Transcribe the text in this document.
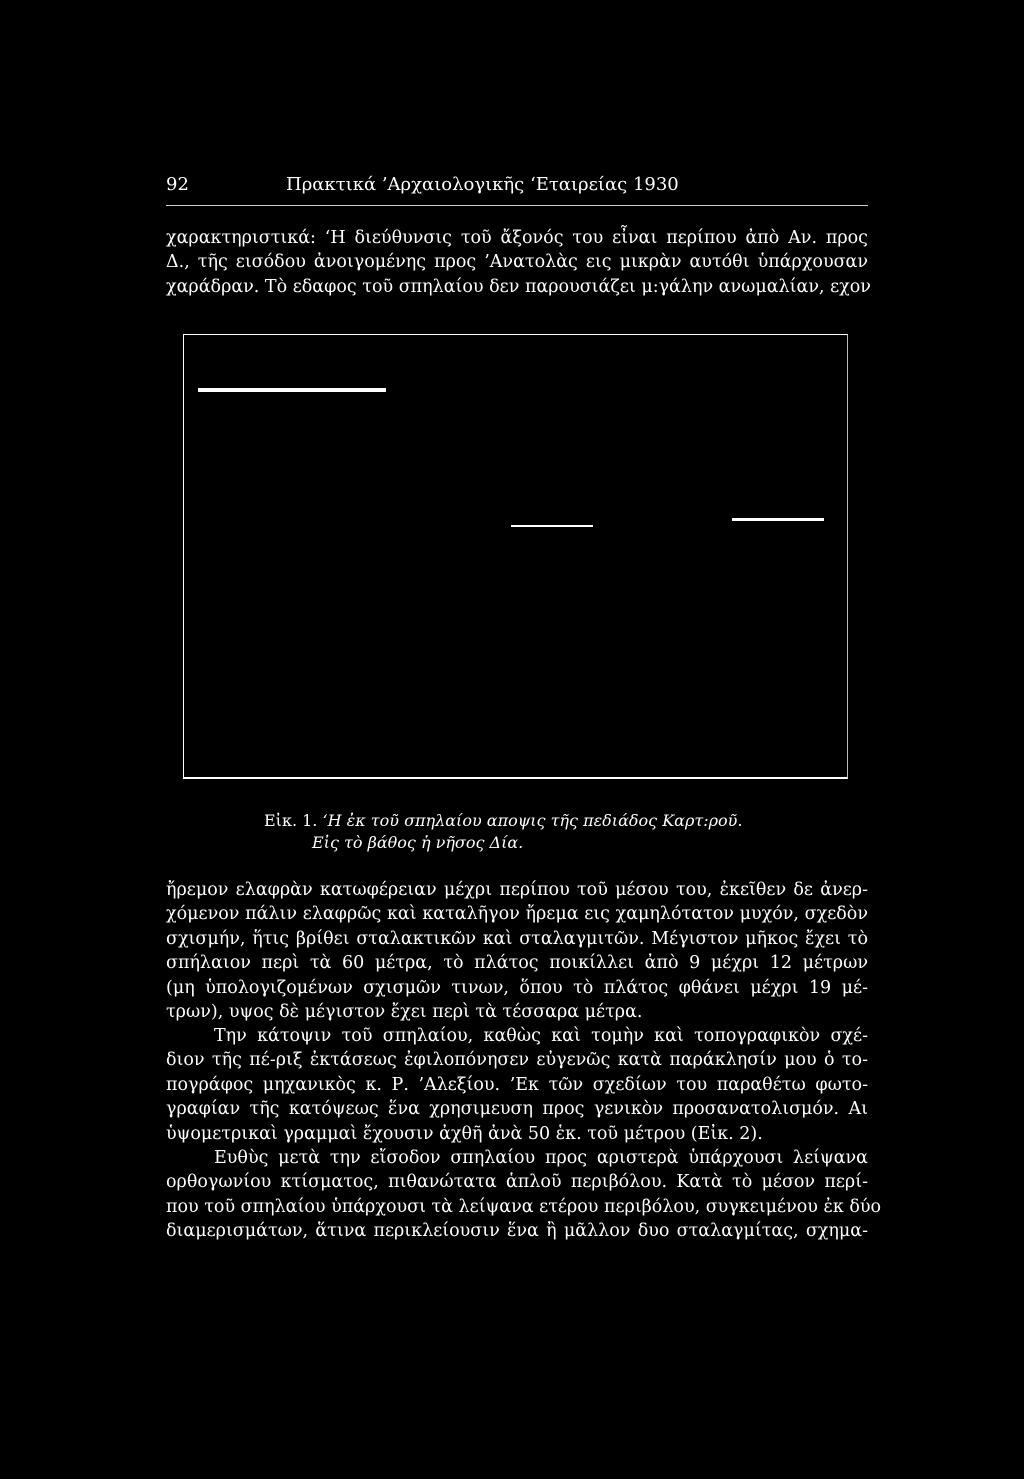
92	Πρακτικά ’Αρχαιολογικῆς ‘Εταιρείας 1930
χαρακτηριστικά: ‘Η διεύθυνσις τοῦ ἄξονός του εἶναι περίπου ἀπὸ Αν. προς
Δ., τῆς εισόδου ἀνοιγομένης προς ’Ανατολὰς εις μικρὰν αυτόθι ὑπάρχουσαν
χαράδραν. Τὸ εδαφος τοῦ σπηλαίου δεν παρουσιάζει μ:γάλην ανωμαλίαν, εχον
Εἰκ. 1. ‘Η ἐκ τοῦ σπηλαίου αποψις τῆς πεδιάδος Καρτ:ροῦ.
Εἰς τὸ βάθος ἡ νῆσος Δία.
ἤρεμον ελαφρὰν κατωφέρειαν μέχρι περίπου τοῦ μέσου του, ἐκεῖθεν δε ἀνερ-
χόμενον πάλιν ελαφρῶς καὶ καταλῆγον ἤρεμα εις χαμηλότατον μυχόν, σχεδὸν
σχισμήν, ἥτις βρίθει σταλακτικῶν καὶ σταλαγμιτῶν. Μέγιστον μῆκος ἔχει τὸ
σπήλαιον περὶ τὰ 60 μέτρα, τὸ πλάτος ποικίλλει ἀπὸ 9 μέχρι 12 μέτρων
(μη ὑπολογιζομένων σχισμῶν τινων, ὅπου τὸ πλάτος φθάνει μέχρι 19 μέ-
τρων), υψος δὲ μέγιστον ἔχει περὶ τὰ τέσσαρα μέτρα.
Την κάτοψιν τοῦ σπηλαίου, καθὼς καὶ τομὴν καὶ τοπογραφικὸν σχέ-
διον τῆς πέ-ριξ ἐκτάσεως ἐφιλοπόνησεν εὐγενῶς κατὰ παράκλησίν μου ὁ το-
πογράφος μηχανικὸς κ. Ρ. ’Αλεξίου. ’Εκ τῶν σχεδίων του παραθέτω φωτο-
γραφίαν τῆς κατόψεως ἕνα χρησιμευση προς γενικὸν προσανατολισμόν. Αι
ὑψομετρικαὶ γραμμαὶ ἔχουσιν ἀχθῆ ἀνὰ 50 ἑκ. τοῦ μέτρου (Εἰκ. 2).
Ευθὺς μετὰ την εἴσοδον σπηλαίου προς αριστερὰ ὑπάρχουσι λείψανα
ορθογωνίου κτίσματος, πιθανώτατα ἁπλοῦ περιβόλου. Κατὰ τὸ μέσον περί-
που τοῦ σπηλαίου ὑπάρχουσι τὰ λείψανα ετέρου περιβόλου, συγκειμένου ἐκ δύο
διαμερισμάτων, ἅτινα περικλείουσιν ἕνα ἢ μᾶλλον δυο σταλαγμίτας, σχημα-
